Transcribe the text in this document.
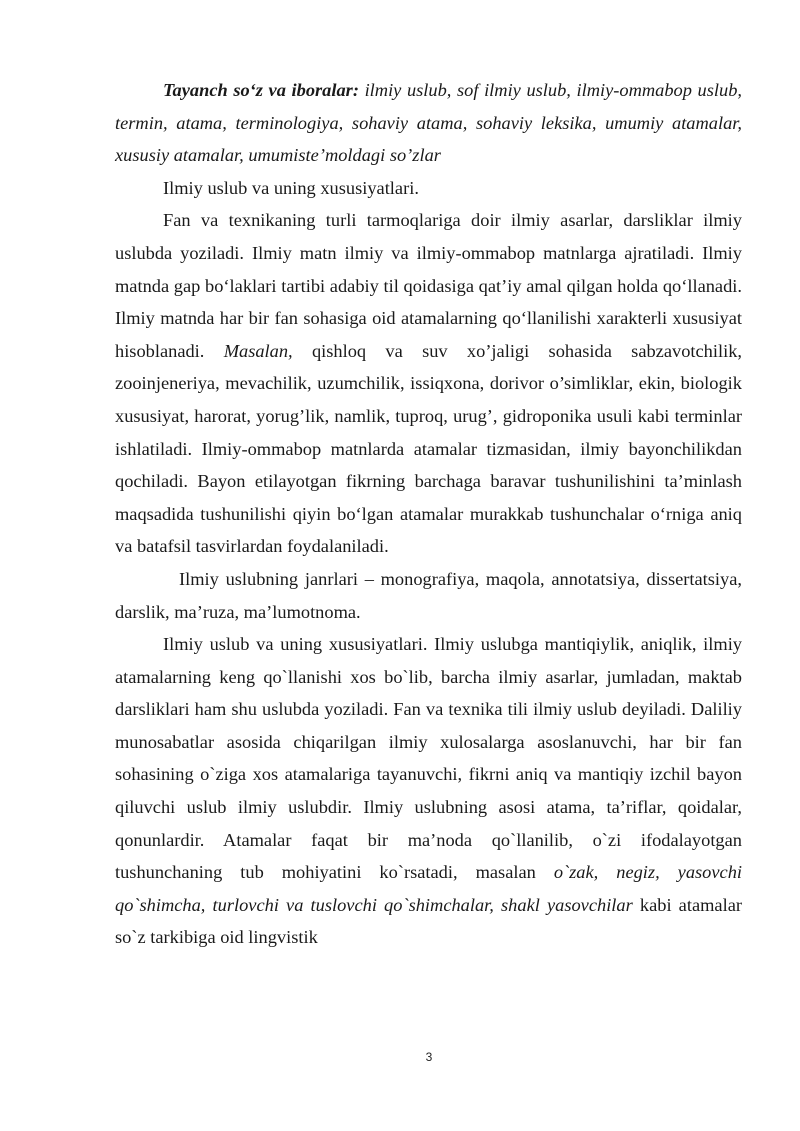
Tayanch so‘z va iboralar: ilmiy uslub, sof ilmiy uslub, ilmiy-ommabop uslub, termin, atama, terminologiya, sohaviy atama, sohaviy leksika, umumiy atamalar, xususiy atamalar, umumiste’moldagi so’zlar

Ilmiy uslub va uning xususiyatlari.

Fan va texnikaning turli tarmoqlariga doir ilmiy asarlar, darsliklar ilmiy uslubda yoziladi. Ilmiy matn ilmiy va ilmiy-ommabop matnlarga ajratiladi. Ilmiy matnda gap bo‘laklari tartibi adabiy til qoidasiga qat’iy amal qilgan holda qo‘llanadi. Ilmiy matnda har bir fan sohasiga oid atamalarning qo‘llanilishi xarakterli xususiyat hisoblanadi. Masalan, qishloq va suv xo’jaligi sohasida sabzavotchilik, zooinjeneriya, mevachilik, uzumchilik, issiqxona, dorivor o’simliklar, ekin, biologik xususiyat, harorat, yorug’lik, namlik, tuproq, urug’, gidroponika usuli kabi terminlar ishlatiladi. Ilmiy-ommabop matnlarda atamalar tizmasidan, ilmiy bayonchilikdan qochiladi. Bayon etilayotgan fikrning barchaga baravar tushunilishini ta’minlash maqsadida tushunilishi qiyin bo‘lgan atamalar murakkab tushunchalar o‘rniga aniq va batafsil tasvirlardan foydalaniladi.

Ilmiy uslubning janrlari – monografiya, maqola, annotatsiya, dissertatsiya, darslik, ma’ruza, ma’lumotnoma.

Ilmiy uslub va uning xususiyatlari. Ilmiy uslubga mantiqiylik, aniqlik, ilmiy atamalarning keng qo`llanishi xos bo`lib, barcha ilmiy asarlar, jumladan, maktab darsliklari ham shu uslubda yoziladi. Fan va texnika tili ilmiy uslub deyiladi. Daliliy munosabatlar asosida chiqarilgan ilmiy xulosalarga asoslanuvchi, har bir fan sohasining o`ziga xos atamalariga tayanuvchi, fikrni aniq va mantiqiy izchil bayon qiluvchi uslub ilmiy uslubdir. Ilmiy uslubning asosi atama, ta’riflar, qoidalar, qonunlardir. Atamalar faqat bir ma’noda qo`llanilib, o`zi ifodalayotgan tushunchaning tub mohiyatini ko`rsatadi, masalan o`zak, negiz, yasovchi qo`shimcha, turlovchi va tuslovchi qo`shimchalar, shakl yasovchilar kabi atamalar so`z tarkibiga oid lingvistik

3
